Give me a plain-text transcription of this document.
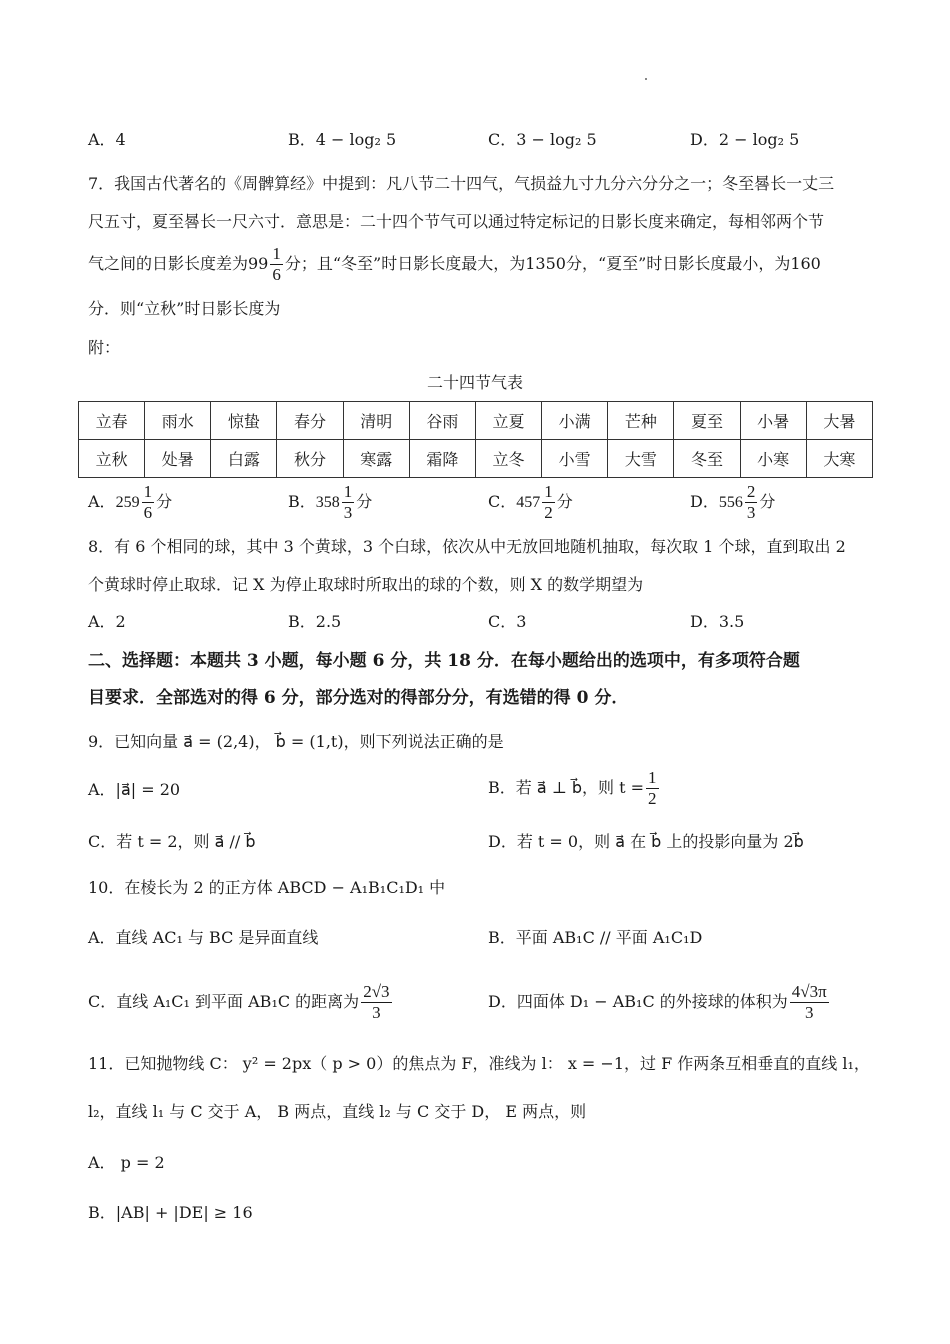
A．4	B．4 − log₂ 5	C．3 − log₂ 5	D．2 − log₂ 5
7．我国古代著名的《周髀算经》中提到：凡八节二十四气，气损益九寸九分六分分之一；冬至晷长一丈三
尺五寸，夏至晷长一尺六寸．意思是：二十四个节气可以通过特定标记的日影长度来确定，每相邻两个节
气之间的日影长度差为$99 \frac{1}{6}$ 分；且“冬至”时日影长度最大，为1350分，“夏至”时日影长度最小，为160
分．则“立秋”时日影长度为
附：
二十四节气表
立春	雨水	惊蛰	春分	清明	谷雨	立夏	小满	芒种	夏至	小暑	大暑
立秋	处暑	白露	秋分	寒露	霜降	立冬	小雪	大雪	冬至	小寒	大寒
A．$259 \frac{1}{6}$ 分	B．$358 \frac{1}{3}$ 分	C．$457 \frac{1}{2}$ 分	D．$556 \frac{2}{3}$ 分
8．有 6 个相同的球，其中 3 个黄球，3 个白球，依次从中无放回地随机抽取，每次取 1 个球，直到取出 2
个黄球时停止取球．记 X 为停止取球时所取出的球的个数，则 X 的数学期望为
A．2	B．2.5	C．3	D．3.5
二、选择题：本题共 3 小题，每小题 6 分，共 18 分．在每小题给出的选项中，有多项符合题
目要求．全部选对的得 6 分，部分选对的得部分分，有选错的得 0 分．
9．已知向量 a⃗ = (2,4)， b⃗ = (1,t)，则下列说法正确的是
A．|a⃗| = 20	B．若 a⃗ ⊥ b⃗，则 $t = \frac{1}{2}$
C．若 t = 2，则 a⃗ // b⃗	D．若 t = 0，则 a⃗ 在 b⃗ 上的投影向量为 2b⃗
10．在棱长为 2 的正方体 ABCD − A₁B₁C₁D₁ 中
A．直线 AC₁ 与 BC 是异面直线	B．平面 AB₁C // 平面 A₁C₁D
C．直线 A₁C₁ 到平面 AB₁C 的距离为 $\frac{2√3}{3}$	D．四面体 D₁ − AB₁C 的外接球的体积为 $\frac{4√3\pi}{3}$
11．已知抛物线 C： y² = 2px（ p > 0）的焦点为 F，准线为 l： x = −1，过 F 作两条互相垂直的直线 l₁，
l₂，直线 l₁ 与 C 交于 A， B 两点，直线 l₂ 与 C 交于 D， E 两点，则
A． p = 2
B．|AB| + |DE| ≥ 16
